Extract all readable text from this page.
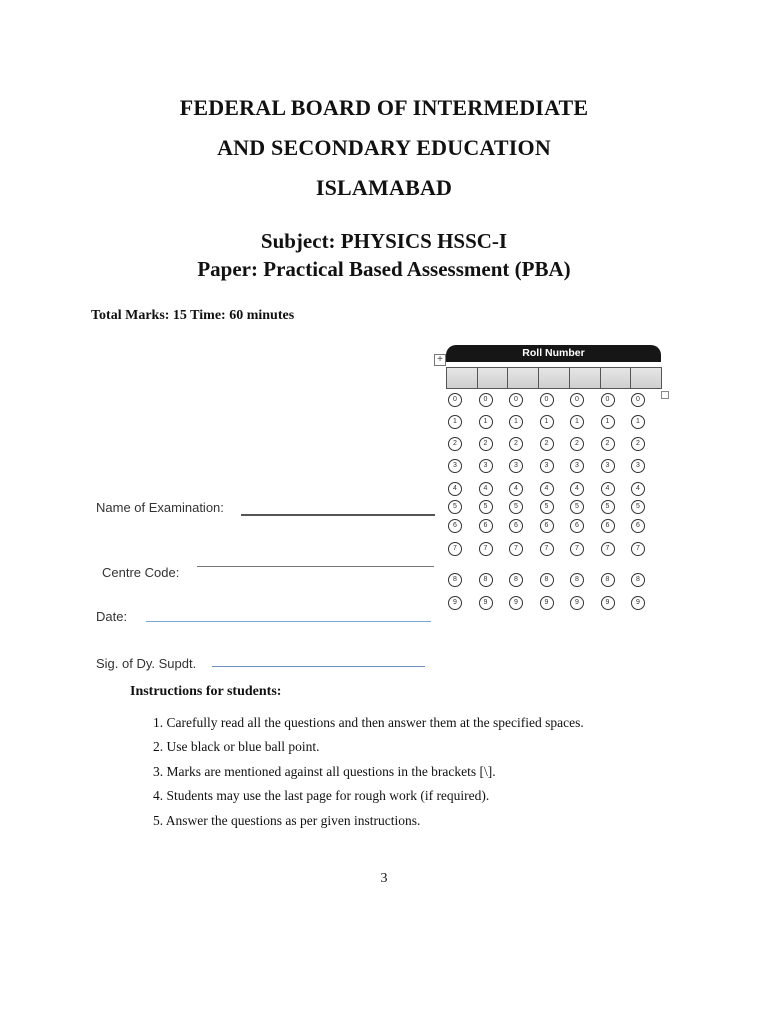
FEDERAL BOARD OF INTERMEDIATE
AND SECONDARY EDUCATION
ISLAMABAD
Subject: PHYSICS HSSC-I
Paper: Practical Based Assessment (PBA)
Total Marks: 15 Time: 60 minutes
Name of Examination:
Centre Code:
Date:
Sig. of Dy. Supdt.
+
Roll Number
0	0	0	0	0	0	0
1	1	1	1	1	1	1
2	2	2	2	2	2	2
3	3	3	3	3	3	3
4	4	4	4	4	4	4
5	5	5	5	5	5	5
6	6	6	6	6	6	6
7	7	7	7	7	7	7
8	8	8	8	8	8	8
9	9	9	9	9	9	9
Instructions for students:
1. Carefully read all the questions and then answer them at the specified spaces.
2. Use black or blue ball point.
3. Marks are mentioned against all questions in the brackets [\].
4. Students may use the last page for rough work (if required).
5. Answer the questions as per given instructions.
3
